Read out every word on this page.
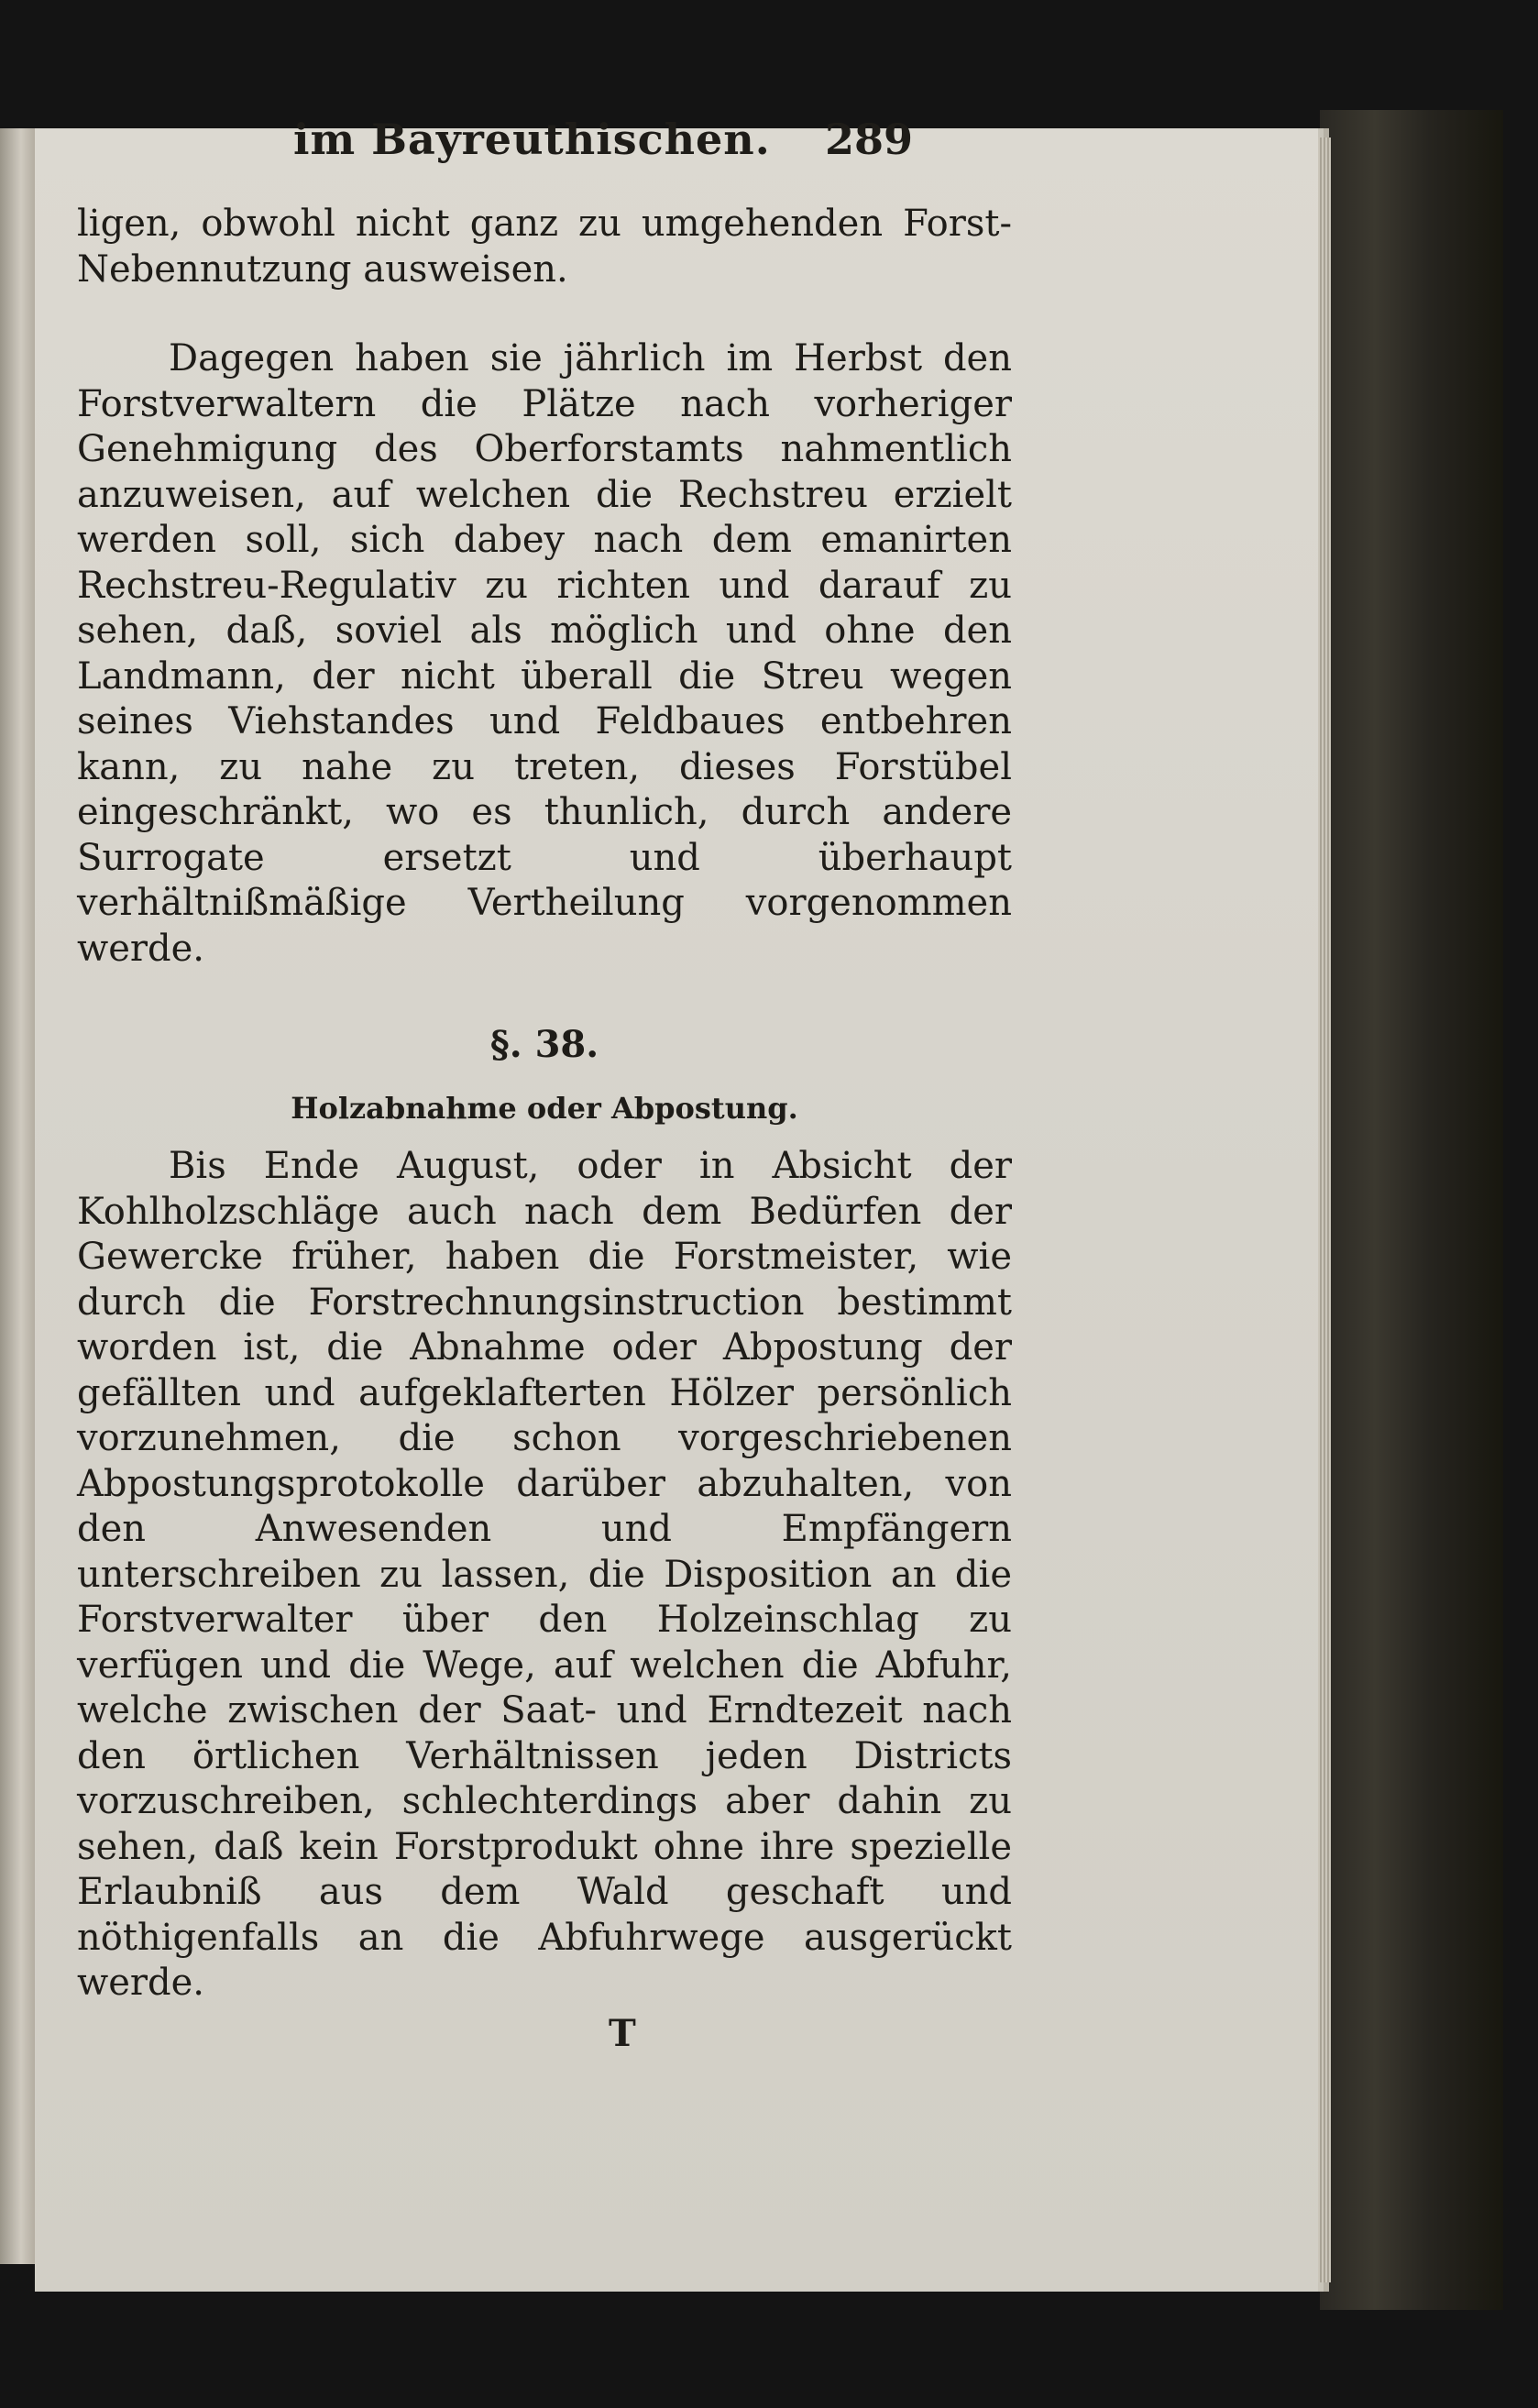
im Bayreuthischen. 289

ligen, obwohl nicht ganz zu umgehenden Forst-Nebennutzung ausweisen.

Dagegen haben sie jährlich im Herbst den Forstverwaltern die Plätze nach vorheriger Genehmigung des Oberforstamts nahmentlich anzuweisen, auf welchen die Rechstreu erzielt werden soll, sich dabey nach dem emanirten Rechstreu-Regulativ zu richten und darauf zu sehen, daß, soviel als möglich und ohne den Landmann, der nicht überall die Streu wegen seines Viehstandes und Feldbaues entbehren kann, zu nahe zu treten, dieses Forstübel eingeschränkt, wo es thunlich, durch andere Surrogate ersetzt und überhaupt verhältnißmäßige Vertheilung vorgenommen werde.

§. 38.
Holzabnahme oder Abpostung.

Bis Ende August, oder in Absicht der Kohlholzschläge auch nach dem Bedürfen der Gewercke früher, haben die Forstmeister, wie durch die Forstrechnungsinstruction bestimmt worden ist, die Abnahme oder Abpostung der gefällten und aufgeklafterten Hölzer persönlich vorzunehmen, die schon vorgeschriebenen Abpostungsprotokolle darüber abzuhalten, von den Anwesenden und Empfängern unterschreiben zu lassen, die Disposition an die Forstverwalter über den Holzeinschlag zu verfügen und die Wege, auf welchen die Abfuhr, welche zwischen der Saat- und Erndtezeit nach den örtlichen Verhältnissen jeden Districts vorzuschreiben, schlechterdings aber dahin zu sehen, daß kein Forstprodukt ohne ihre spezielle Erlaubniß aus dem Wald geschaft und nöthigenfalls an die Abfuhrwege ausgerückt werde.

T
